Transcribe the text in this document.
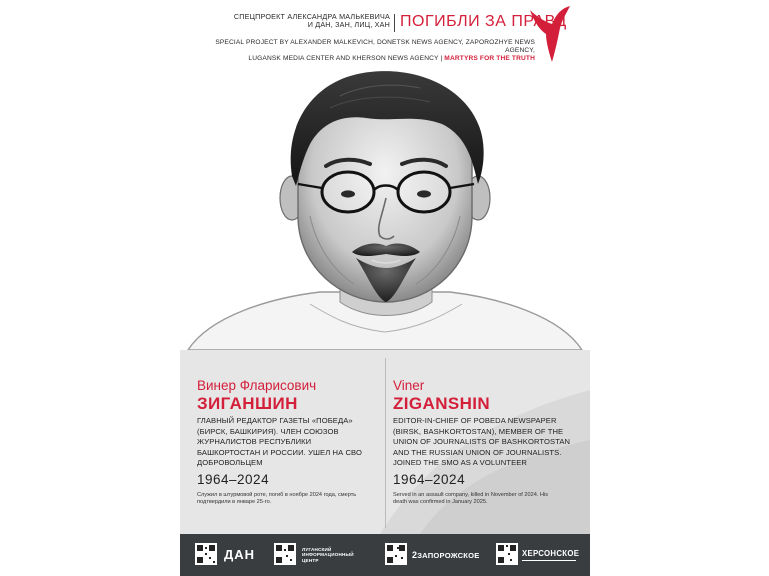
СПЕЦПРОЕКТ АЛЕКСАНДРА МАЛЬКЕВИЧА
И ДАН, ЗАН, ЛИЦ, ХАН ПОГИБЛИ ЗА ПРАВД
SPECIAL PROJECT BY ALEXANDER MALKEVICH, DONETSK NEWS AGENCY, ZAPOROZHYE NEWS AGENCY,
LUGANSK MEDIA CENTER AND KHERSON NEWS AGENCY | MARTYRS FOR THE TRUTH
Винер Фларисович
ЗИГАНШИН
ГЛАВНЫЙ РЕДАКТОР ГАЗЕТЫ «ПОБЕДА» (БИРСК, БАШКИРИЯ). ЧЛЕН СОЮЗОВ ЖУРНАЛИСТОВ РЕСПУБЛИКИ БАШКОРТОСТАН И РОССИИ. УШЕЛ НА СВО ДОБРОВОЛЬЦЕМ
1964–2024
Служил в штурмовой роте, погиб в ноябре 2024 года, смерть подтвердили в январе 25-го.
Viner
ZIGANSHIN
EDITOR-IN-CHIEF OF POBEDA NEWSPAPER (BIRSK, BASHKORTOSTAN), MEMBER OF THE UNION OF JOURNALISTS OF BASHKORTOSTAN AND THE RUSSIAN UNION OF JOURNALISTS. JOINED THE SMO AS A VOLUNTEER
1964–2024
Served in an assault company, killed in November of 2024. His death was confirmed in January 2025.
ДАН	ЛУГАНСКИЙ
ИНФОРМАЦИОННЫЙ
ЦЕНТР
2ЗАПОРОЖСКОЕ	ХЕРСОНСКОЕ
